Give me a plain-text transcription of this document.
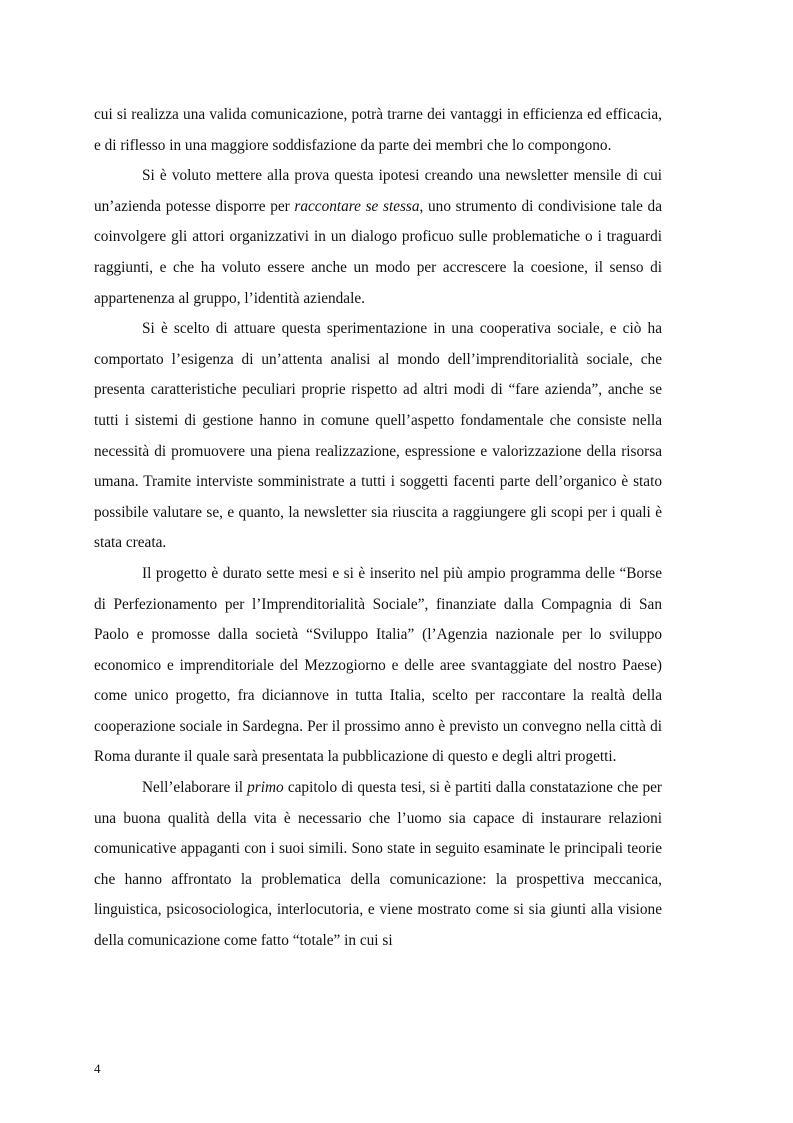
cui si realizza una valida comunicazione, potrà trarne dei vantaggi in efficienza ed efficacia, e di riflesso in una maggiore soddisfazione da parte dei membri che lo compongono.

Si è voluto mettere alla prova questa ipotesi creando una newsletter mensile di cui un’azienda potesse disporre per raccontare se stessa, uno strumento di condivisione tale da coinvolgere gli attori organizzativi in un dialogo proficuo sulle problematiche o i traguardi raggiunti, e che ha voluto essere anche un modo per accrescere la coesione, il senso di appartenenza al gruppo, l’identità aziendale.

Si è scelto di attuare questa sperimentazione in una cooperativa sociale, e ciò ha comportato l’esigenza di un’attenta analisi al mondo dell’imprenditorialità sociale, che presenta caratteristiche peculiari proprie rispetto ad altri modi di “fare azienda”, anche se tutti i sistemi di gestione hanno in comune quell’aspetto fondamentale che consiste nella necessità di promuovere una piena realizzazione, espressione e valorizzazione della risorsa umana. Tramite interviste somministrate a tutti i soggetti facenti parte dell’organico è stato possibile valutare se, e quanto, la newsletter sia riuscita a raggiungere gli scopi per i quali è stata creata.

Il progetto è durato sette mesi e si è inserito nel più ampio programma delle “Borse di Perfezionamento per l’Imprenditorialità Sociale”, finanziate dalla Compagnia di San Paolo e promosse dalla società “Sviluppo Italia” (l’Agenzia nazionale per lo sviluppo economico e imprenditoriale del Mezzogiorno e delle aree svantaggiate del nostro Paese) come unico progetto, fra diciannove in tutta Italia, scelto per raccontare la realtà della cooperazione sociale in Sardegna. Per il prossimo anno è previsto un convegno nella città di Roma durante il quale sarà presentata la pubblicazione di questo e degli altri progetti.

Nell’elaborare il primo capitolo di questa tesi, si è partiti dalla constatazione che per una buona qualità della vita è necessario che l’uomo sia capace di instaurare relazioni comunicative appaganti con i suoi simili. Sono state in seguito esaminate le principali teorie che hanno affrontato la problematica della comunicazione: la prospettiva meccanica, linguistica, psicosociologica, interlocutoria, e viene mostrato come si sia giunti alla visione della comunicazione come fatto “totale” in cui si

4
